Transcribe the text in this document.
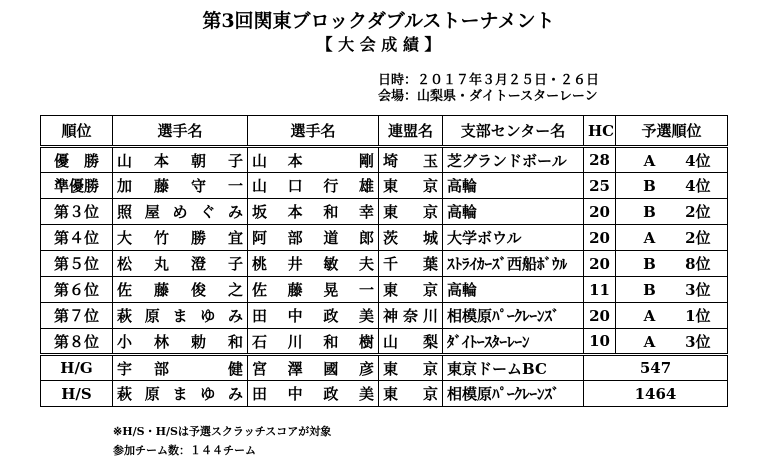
第3回関東ブロックダブルストーナメント
【 大 会 成 績 】
日時：２０１７年３月２５日・２６日
会場：山梨県・ダイトースターレーン
順位	選手名	選手名	連盟名	支部センター名	HC	予選順位
優　勝	山本朝子	山本　剛	埼　玉	芝グランドボール	28	A 4位
準優勝	加藤守一	山口行雄	東　京	高輪	25	B 4位
第３位	照屋めぐみ	坂本和幸	東　京	高輪	20	B 2位
第４位	大竹勝宜	阿部道郎	茨　城	大学ボウル	20	A 2位
第５位	松丸澄子	桃井敏夫	千　葉	ｽﾄﾗｲｶｰｽﾞ西船ﾎﾞｳﾙ	20	B 8位
第６位	佐藤俊之	佐藤晃一	東　京	高輪	11	B 3位
第７位	萩原まゆみ	田中政美	神奈川	相模原ﾊﾟｰｸﾚｰﾝｽﾞ	20	A 1位
第８位	小林勅和	石川和樹	山　梨	ﾀﾞｲﾄｰｽﾀｰﾚｰﾝ	10	A 3位
H/G	宇部　健	宮澤國彦	東　京	東京ドームBC	547	
H/S	萩原まゆみ	田中政美	東　京	相模原ﾊﾟｰｸﾚｰﾝｽﾞ	1464	
※H/S・H/Sは予選スクラッチスコアが対象
参加チーム数：１４４チーム
